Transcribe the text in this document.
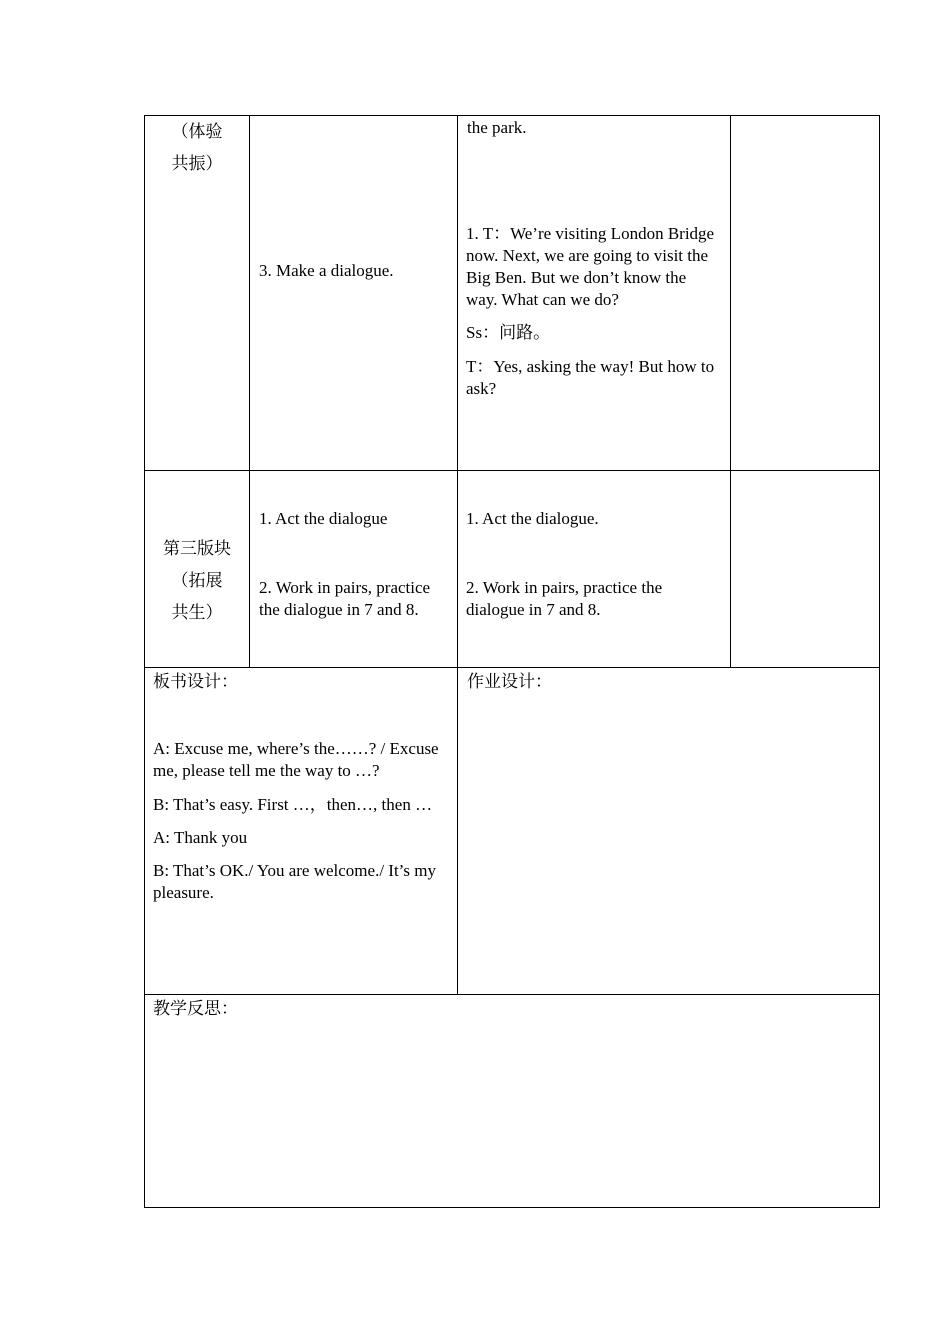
（体验

共振）

3. Make a dialogue.
the park.

1. T：We’re visiting London Bridge now. Next, we are going to visit the Big Ben. But we don’t know the way. What can we do?

Ss：问路。

T：Yes, asking the way! But how to ask?

第三版块

（拓展

共生）

1. Act the dialogue
2. Work in pairs, practice the dialogue in 7 and 8.
1. Act the dialogue.
2. Work in pairs, practice the dialogue in 7 and 8.

板书设计：

A: Excuse me, where’s the……? / Excuse me, please tell me the way to …?

B: That’s easy. First …，then…, then …

A: Thank you

B: That’s OK./ You are welcome./ It’s my pleasure.

作业设计：
教学反思：
